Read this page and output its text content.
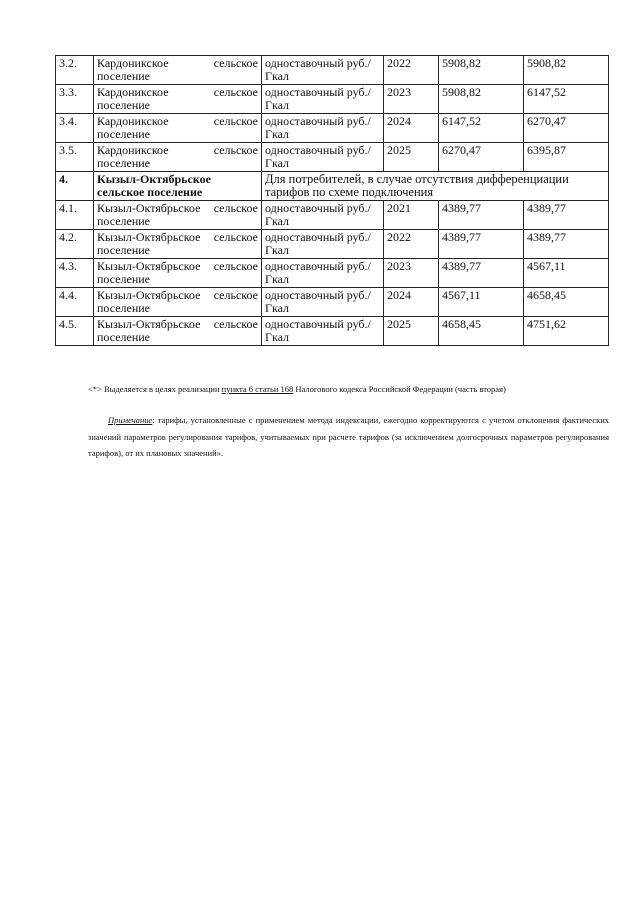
3.2.	Кардоникское сельское поселение	одноставочный руб./Гкал	2022	5908,82	5908,82
3.3.	Кардоникское сельское поселение	одноставочный руб./Гкал	2023	5908,82	6147,52
3.4.	Кардоникское сельское поселение	одноставочный руб./Гкал	2024	6147,52	6270,47
3.5.	Кардоникское сельское поселение	одноставочный руб./Гкал	2025	6270,47	6395,87
4.	Кызыл-Октябрьское сельское поселение	Для потребителей, в случае отсутствия дифференциации тарифов по схеме подключения			
4.1.	Кызыл-Октябрьское сельское поселение	одноставочный руб./Гкал	2021	4389,77	4389,77
4.2.	Кызыл-Октябрьское сельское поселение	одноставочный руб./Гкал	2022	4389,77	4389,77
4.3.	Кызыл-Октябрьское сельское поселение	одноставочный руб./Гкал	2023	4389,77	4567,11
4.4.	Кызыл-Октябрьское сельское поселение	одноставочный руб./Гкал	2024	4567,11	4658,45
4.5.	Кызыл-Октябрьское сельское поселение	одноставочный руб./Гкал	2025	4658,45	4751,62
<*> Выделяется в целях реализации пункта 6 статьи 168 Налогового кодекса Российской Федерации (часть вторая)

Примечание: тарифы, установленные с применением метода индексации, ежегодно корректируются с учетом отклонения фактических значений параметров регулирования тарифов, учитываемых при расчете тарифов (за исключением долгосрочных параметров регулирования тарифов), от их плановых значений».
